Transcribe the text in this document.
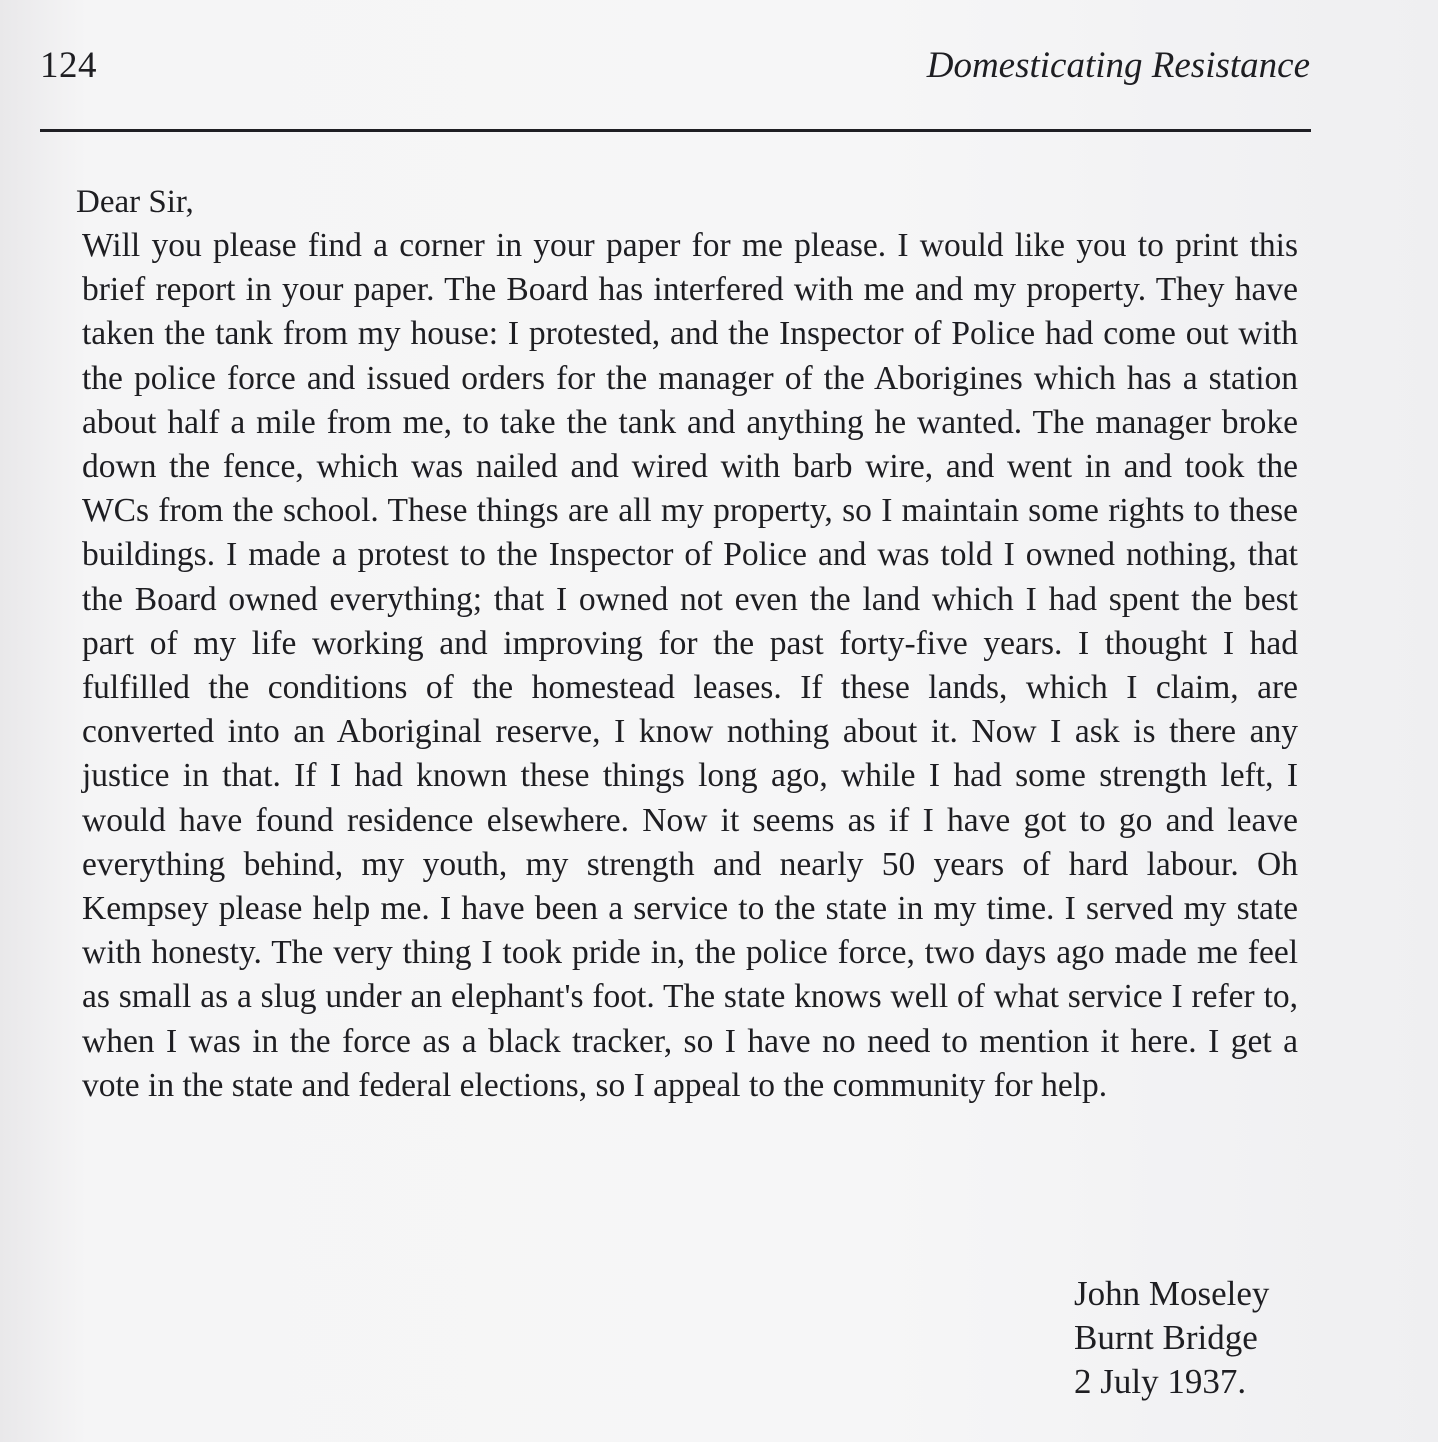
124	Domesticating Resistance

Dear Sir,

Will you please find a corner in your paper for me please. I would like you to print this brief report in your paper. The Board has interfered with me and my property. They have taken the tank from my house: I protested, and the Inspector of Police had come out with the police force and issued orders for the manager of the Aborigines which has a station about half a mile from me, to take the tank and anything he wanted. The manager broke down the fence, which was nailed and wired with barb wire, and went in and took the WCs from the school. These things are all my property, so I maintain some rights to these buildings. I made a protest to the Inspector of Police and was told I owned nothing, that the Board owned everything; that I owned not even the land which I had spent the best part of my life working and improving for the past forty-five years. I thought I had fulfilled the conditions of the homestead leases. If these lands, which I claim, are converted into an Aboriginal reserve, I know nothing about it. Now I ask is there any justice in that. If I had known these things long ago, while I had some strength left, I would have found residence elsewhere. Now it seems as if I have got to go and leave everything behind, my youth, my strength and nearly 50 years of hard labour. Oh Kempsey please help me. I have been a service to the state in my time. I served my state with honesty. The very thing I took pride in, the police force, two days ago made me feel as small as a slug under an elephant's foot. The state knows well of what service I refer to, when I was in the force as a black tracker, so I have no need to mention it here. I get a vote in the state and federal elections, so I appeal to the community for help.

John Moseley
Burnt Bridge
2 July 1937.
